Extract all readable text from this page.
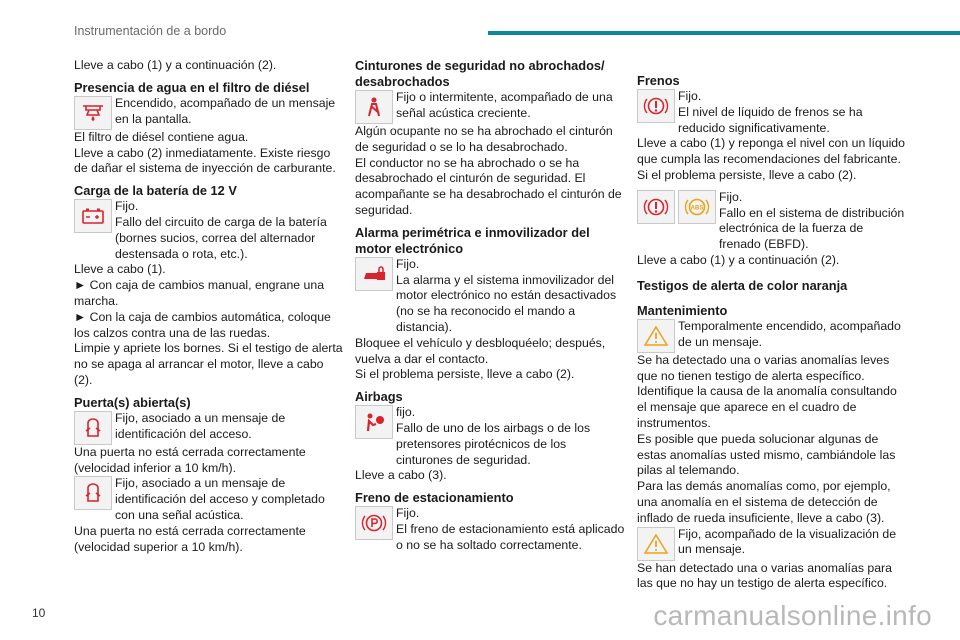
Instrumentación de a bordo

Lleve a cabo (1) y a continuación (2).

Presencia de agua en el filtro de diésel
Encendido, acompañado de un mensaje en la pantalla.

El filtro de diésel contiene agua.

Lleve a cabo (2) inmediatamente. Existe riesgo de dañar el sistema de inyección de carburante.

Carga de la batería de 12 V
Fijo.
Fallo del circuito de carga de la batería (bornes sucios, correa del alternador destensada o rota, etc.).

Lleve a cabo (1).

► Con caja de cambios manual, engrane una marcha.

► Con la caja de cambios automática, coloque los calzos contra una de las ruedas.

Limpie y apriete los bornes. Si el testigo de alerta no se apaga al arrancar el motor, lleve a cabo (2).

Puerta(s) abierta(s)
Fijo, asociado a un mensaje de identificación del acceso.

Una puerta no está cerrada correctamente (velocidad inferior a 10 km/h).

Fijo, asociado a un mensaje de identificación del acceso y completado con una señal acústica.

Una puerta no está cerrada correctamente (velocidad superior a 10 km/h).

Cinturones de seguridad no abrochados/ desabrochados
Fijo o intermitente, acompañado de una señal acústica creciente.

Algún ocupante no se ha abrochado el cinturón de seguridad o se lo ha desabrochado.

El conductor no se ha abrochado o se ha desabrochado el cinturón de seguridad. El acompañante se ha desabrochado el cinturón de seguridad.

Alarma perimétrica e inmovilizador del motor electrónico
Fijo.
La alarma y el sistema inmovilizador del motor electrónico no están desactivados (no se ha reconocido el mando a distancia).

Bloquee el vehículo y desbloquéelo; después, vuelva a dar el contacto.

Si el problema persiste, lleve a cabo (2).

Airbags
fijo.
Fallo de uno de los airbags o de los pretensores pirotécnicos de los cinturones de seguridad.

Lleve a cabo (3).

Freno de estacionamiento
Fijo.
El freno de estacionamiento está aplicado o no se ha soltado correctamente.
Frenos
Fijo.
El nivel de líquido de frenos se ha reducido significativamente.

Lleve a cabo (1) y reponga el nivel con un líquido que cumpla las recomendaciones del fabricante. Si el problema persiste, lleve a cabo (2).

ABS
Fijo.
Fallo en el sistema de distribución electrónica de la fuerza de frenado (EBFD).

Lleve a cabo (1) y a continuación (2).

Testigos de alerta de color naranja
Mantenimiento
Temporalmente encendido, acompañado de un mensaje.

Se ha detectado una o varias anomalías leves que no tienen testigo de alerta específico.

Identifique la causa de la anomalía consultando el mensaje que aparece en el cuadro de instrumentos.

Es posible que pueda solucionar algunas de estas anomalías usted mismo, cambiándole las pilas al telemando.

Para las demás anomalías como, por ejemplo, una anomalía en el sistema de detección de inflado de rueda insuficiente, lleve a cabo (3).

Fijo, acompañado de la visualización de un mensaje.

Se han detectado una o varias anomalías para las que no hay un testigo de alerta específico.

10	carmanualsonline.info
